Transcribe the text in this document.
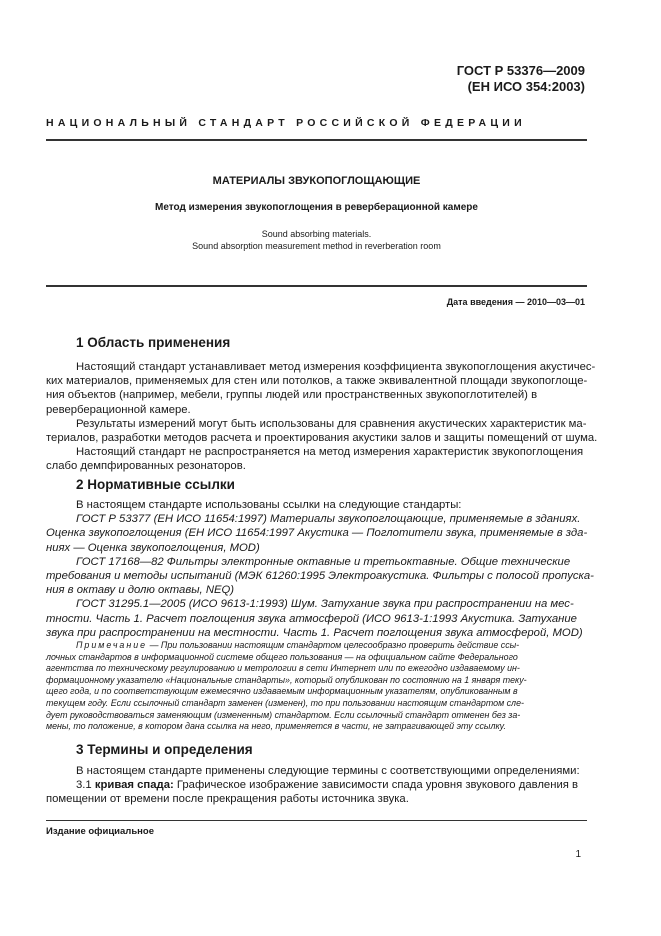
ГОСТ Р 53376—2009
(ЕН ИСО 354:2003)
НАЦИОНАЛЬНЫЙ СТАНДАРТ РОССИЙСКОЙ ФЕДЕРАЦИИ
МАТЕРИАЛЫ ЗВУКОПОГЛОЩАЮЩИЕ
Метод измерения звукопоглощения в реверберационной камере
Sound absorbing materials.
Sound absorption measurement method in reverberation room
Дата введения — 2010—03—01
1 Область применения
Настоящий стандарт устанавливает метод измерения коэффициента звукопоглощения акустичес-
ких материалов, применяемых для стен или потолков, а также эквивалентной площади звукопоглоще-
ния объектов (например, мебели, группы людей или пространственных звукопоглотителей) в
реверберационной камере.
Результаты измерений могут быть использованы для сравнения акустических характеристик ма-
териалов, разработки методов расчета и проектирования акустики залов и защиты помещений от шума.
Настоящий стандарт не распространяется на метод измерения характеристик звукопоглощения
слабо демпфированных резонаторов.
2 Нормативные ссылки
В настоящем стандарте использованы ссылки на следующие стандарты:
ГОСТ Р 53377 (ЕН ИСО 11654:1997) Материалы звукопоглощающие, применяемые в зданиях.
Оценка звукопоглощения (ЕН ИСО 11654:1997 Акустика — Поглотители звука, применяемые в зда-
ниях — Оценка звукопоглощения, MOD)
ГОСТ 17168—82 Фильтры электронные октавные и третьоктавные. Общие технические
требования и методы испытаний (МЭК 61260:1995 Электроакустика. Фильтры с полосой пропуска-
ния в октаву и долю октавы, NEQ)
ГОСТ 31295.1—2005 (ИСО 9613-1:1993) Шум. Затухание звука при распространении на мес-
тности. Часть 1. Расчет поглощения звука атмосферой (ИСО 9613-1:1993 Акустика. Затухание
звука при распространении на местности. Часть 1. Расчет поглощения звука атмосферой, MOD)
Примечание — При пользовании настоящим стандартом целесообразно проверить действие ссы-
лочных стандартов в информационной системе общего пользования — на официальном сайте Федерального
агентства по техническому регулированию и метрологии в сети Интернет или по ежегодно издаваемому ин-
формационному указателю «Национальные стандарты», который опубликован по состоянию на 1 января теку-
щего года, и по соответствующим ежемесячно издаваемым информационным указателям, опубликованным в
текущем году. Если ссылочный стандарт заменен (изменен), то при пользовании настоящим стандартом сле-
дует руководствоваться заменяющим (измененным) стандартом. Если ссылочный стандарт отменен без за-
мены, то положение, в котором дана ссылка на него, применяется в части, не затрагивающей эту ссылку.
3 Термины и определения
В настоящем стандарте применены следующие термины с соответствующими определениями:
3.1 кривая спада: Графическое изображение зависимости спада уровня звукового давления в
помещении от времени после прекращения работы источника звука.
Издание официальное
1
